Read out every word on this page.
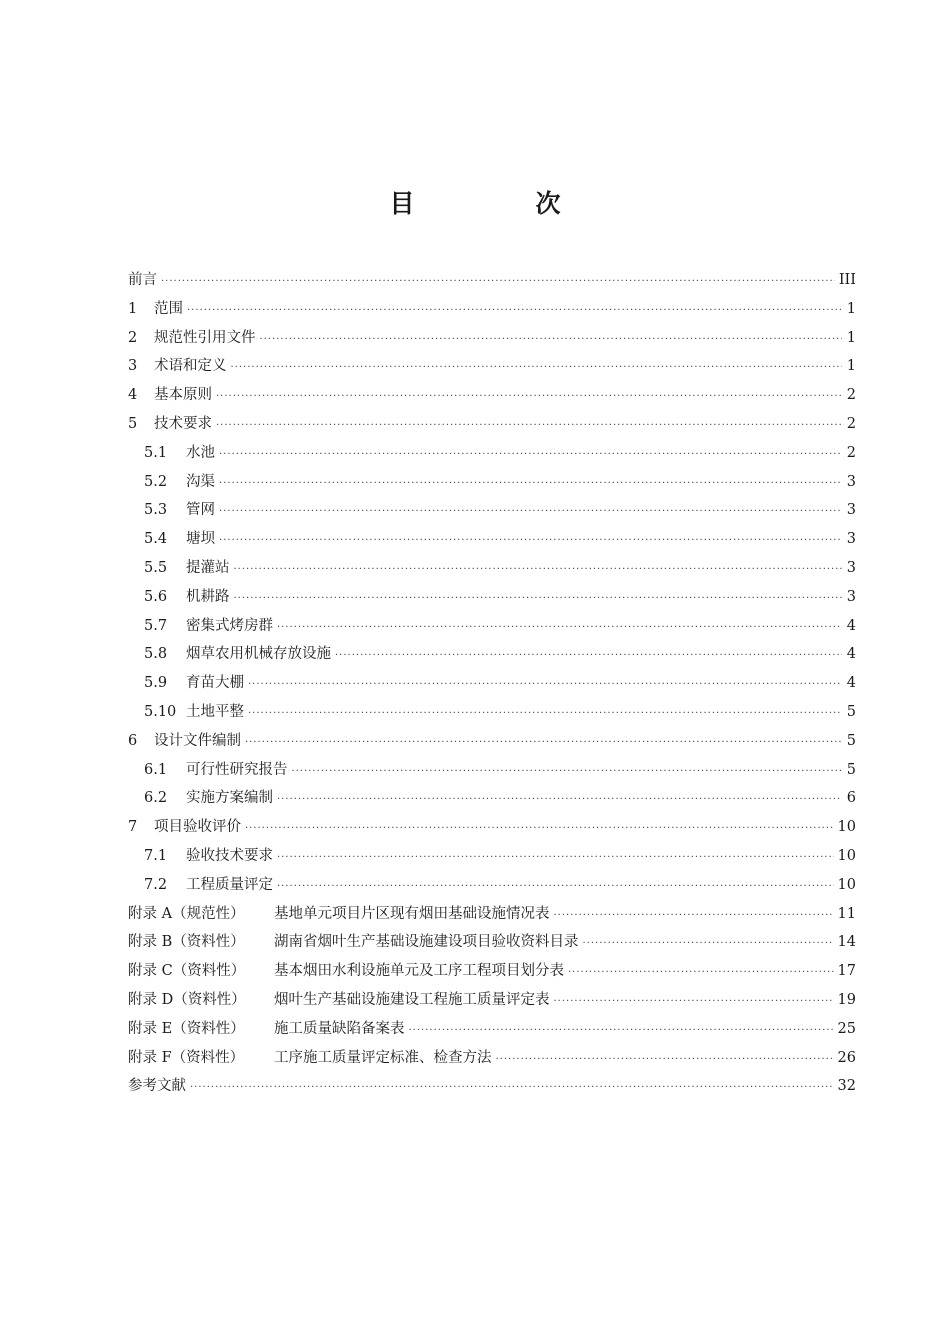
目　次
前言 ·····	III
1	范围 ·····	1
2	规范性引用文件 ·····	1
3	术语和定义 ·····	1
4	基本原则 ·····	2
5	技术要求 ·····	2
5.1	水池 ·····	2
5.2	沟渠 ·····	3
5.3	管网 ·····	3
5.4	塘坝 ·····	3
5.5	提灌站 ·····	3
5.6	机耕路 ·····	3
5.7	密集式烤房群 ·····	4
5.8	烟草农用机械存放设施 ·····	4
5.9	育苗大棚 ·····	4
5.10 土地平整 ·····	5
6	设计文件编制 ·····	5
6.1	可行性研究报告 ·····	5
6.2	实施方案编制 ·····	6
7	项目验收评价 ·····	10
7.1	验收技术要求 ·····	10
7.2	工程质量评定 ·····	10
附录 A（规范性）	基地单元项目片区现有烟田基础设施情况表 ·····	11
附录 B（资料性）	湖南省烟叶生产基础设施建设项目验收资料目录 ·····	14
附录 C（资料性）	基本烟田水利设施单元及工序工程项目划分表 ·····	17
附录 D（资料性）	烟叶生产基础设施建设工程施工质量评定表 ·····	19
附录 E（资料性）	施工质量缺陷备案表 ·····	25
附录 F（资料性）	工序施工质量评定标准、检查方法 ·····	26
参考文献 ·····	32
